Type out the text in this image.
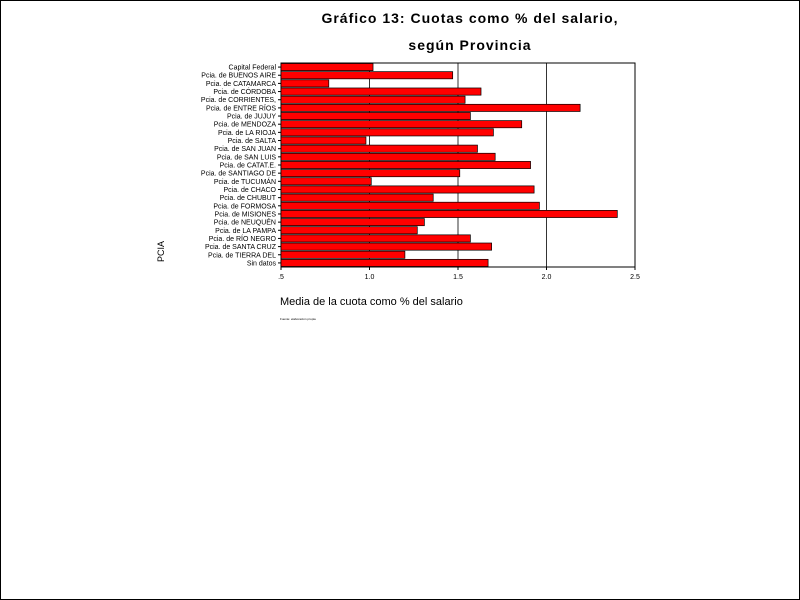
Gráfico 13: Cuotas como % del salario,
según Provincia
Capital Federal
Pcia. de BUENOS AIRE
Pcia. de CATAMARCA
Pcia. de CÓRDOBA
Pcia. de CORRIENTES,
Pcia. de ENTRE RÍOS
Pcia. de JUJUY
Pcia. de MENDOZA
Pcia. de LA RIOJA
Pcia. de SALTA
Pcia. de SAN JUAN
Pcia. de SAN LUIS
Pcia. de CATAT.E.
Pcia. de SANTIAGO DE
Pcia. de TUCUMÁN
Pcia. de CHACO
Pcia. de CHUBUT
Pcia. de FORMOSA
Pcia. de MISIONES
Pcia. de NEUQUÉN
Pcia. de LA PAMPA
Pcia. de RÍO NEGRO
Pcia. de SANTA CRUZ
Pcia. de TIERRA DEL
Sin datos
.5	1.0	1.5	2.0	2.5
PCIA
Media de la cuota como % del salario
Fuente: elaboración propia
